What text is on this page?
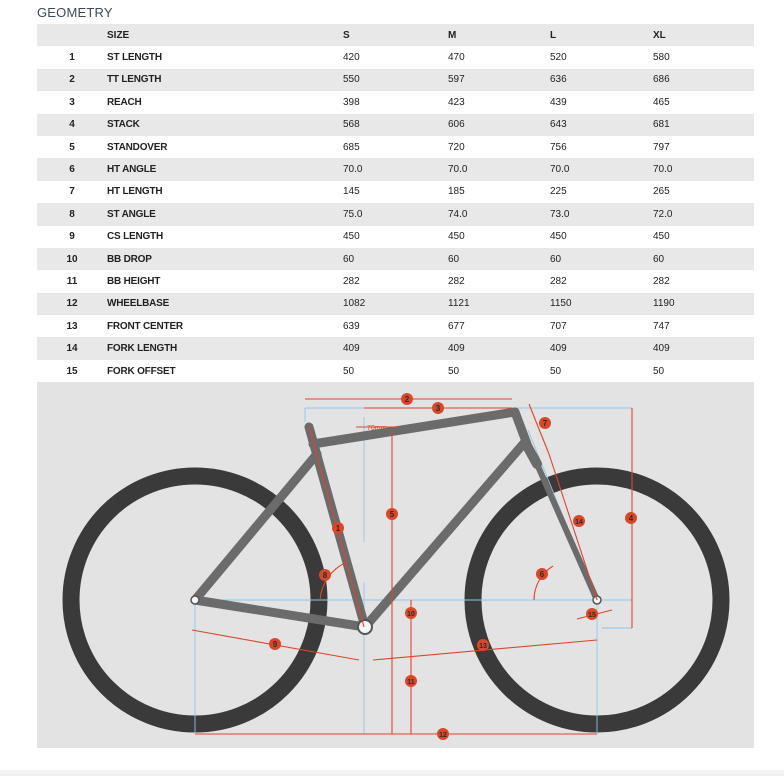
GEOMETRY
	SIZE	S	M	L	XL
1	ST LENGTH	420	470	520	580
2	TT LENGTH	550	597	636	686
3	REACH	398	423	439	465
4	STACK	568	606	643	681
5	STANDOVER	685	720	756	797
6	HT ANGLE	70.0	70.0	70.0	70.0
7	HT LENGTH	145	185	225	265
8	ST ANGLE	75.0	74.0	73.0	72.0
9	CS LENGTH	450	450	450	450
10	BB DROP	60	60	60	60
11	BB HEIGHT	282	282	282	282
12	WHEELBASE	1082	1121	1150	1190
13	FRONT CENTER	639	677	707	747
14	FORK LENGTH	409	409	409	409
15	FORK OFFSET	50	50	50	50
70mm
1
2
3
4
5
6
7
8
9
10
11
12
13
14
15
